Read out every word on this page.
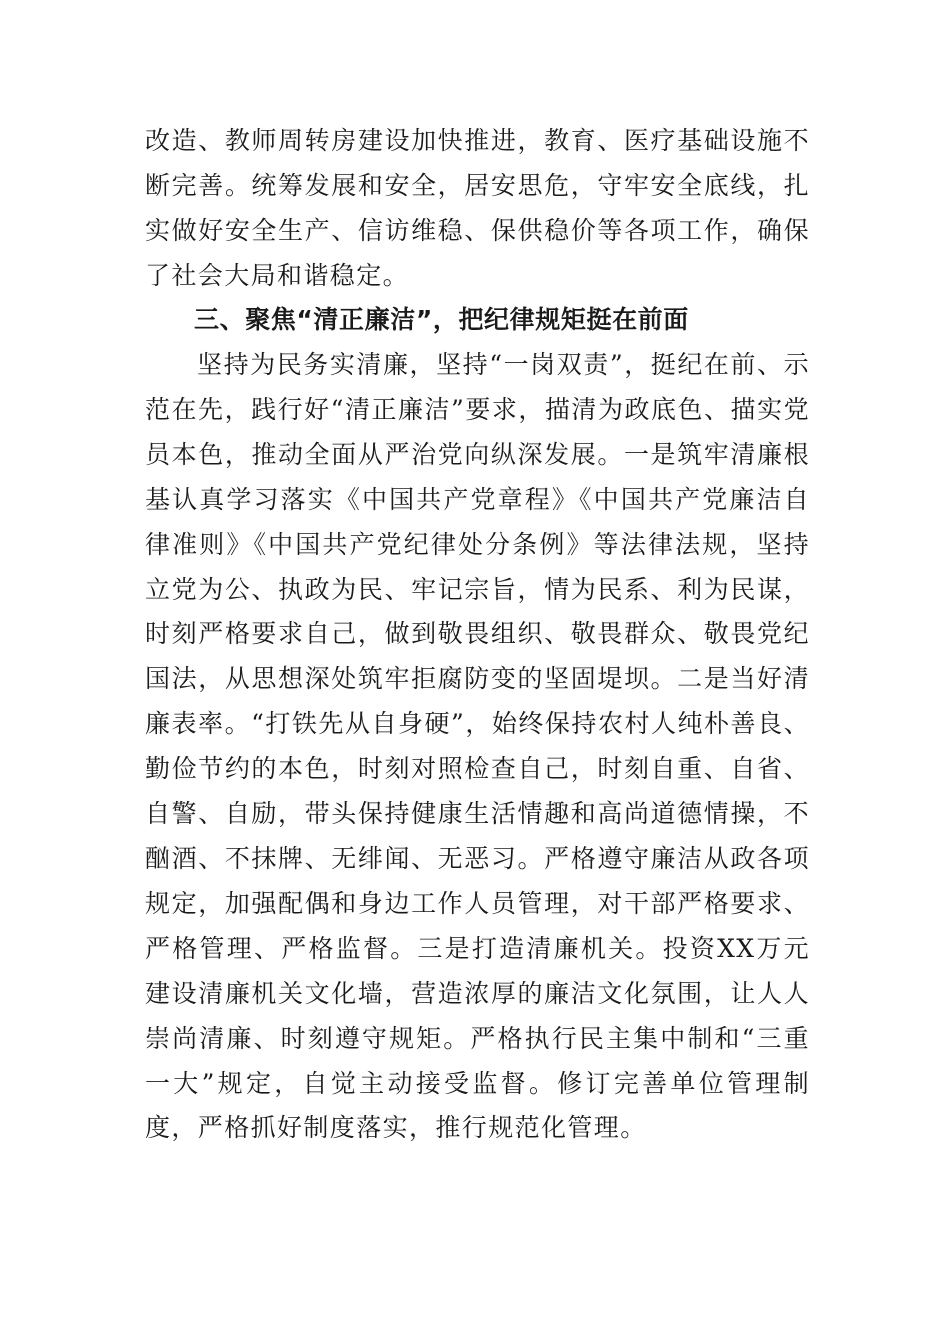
改造、教师周转房建设加快推进，教育、医疗基础设施不断完善。统筹发展和安全，居安思危，守牢安全底线，扎实做好安全生产、信访维稳、保供稳价等各项工作，确保了社会大局和谐稳定。

三、聚焦“清正廉洁”，把纪律规矩挺在前面

坚持为民务实清廉，坚持“一岗双责”，挺纪在前、示范在先，践行好“清正廉洁”要求，描清为政底色、描实党员本色，推动全面从严治党向纵深发展。一是筑牢清廉根基认真学习落实《中国共产党章程》《中国共产党廉洁自律准则》《中国共产党纪律处分条例》等法律法规，坚持立党为公、执政为民、牢记宗旨，情为民系、利为民谋，时刻严格要求自己，做到敬畏组织、敬畏群众、敬畏党纪国法，从思想深处筑牢拒腐防变的坚固堤坝。二是当好清廉表率。“打铁先从自身硬”，始终保持农村人纯朴善良、勤俭节约的本色，时刻对照检查自己，时刻自重、自省、自警、自励，带头保持健康生活情趣和高尚道德情操，不酗酒、不抹牌、无绯闻、无恶习。严格遵守廉洁从政各项规定，加强配偶和身边工作人员管理，对干部严格要求、严格管理、严格监督。三是打造清廉机关。投资XX万元建设清廉机关文化墙，营造浓厚的廉洁文化氛围，让人人崇尚清廉、时刻遵守规矩。严格执行民主集中制和“三重一大”规定，自觉主动接受监督。修订完善单位管理制度，严格抓好制度落实，推行规范化管理。
